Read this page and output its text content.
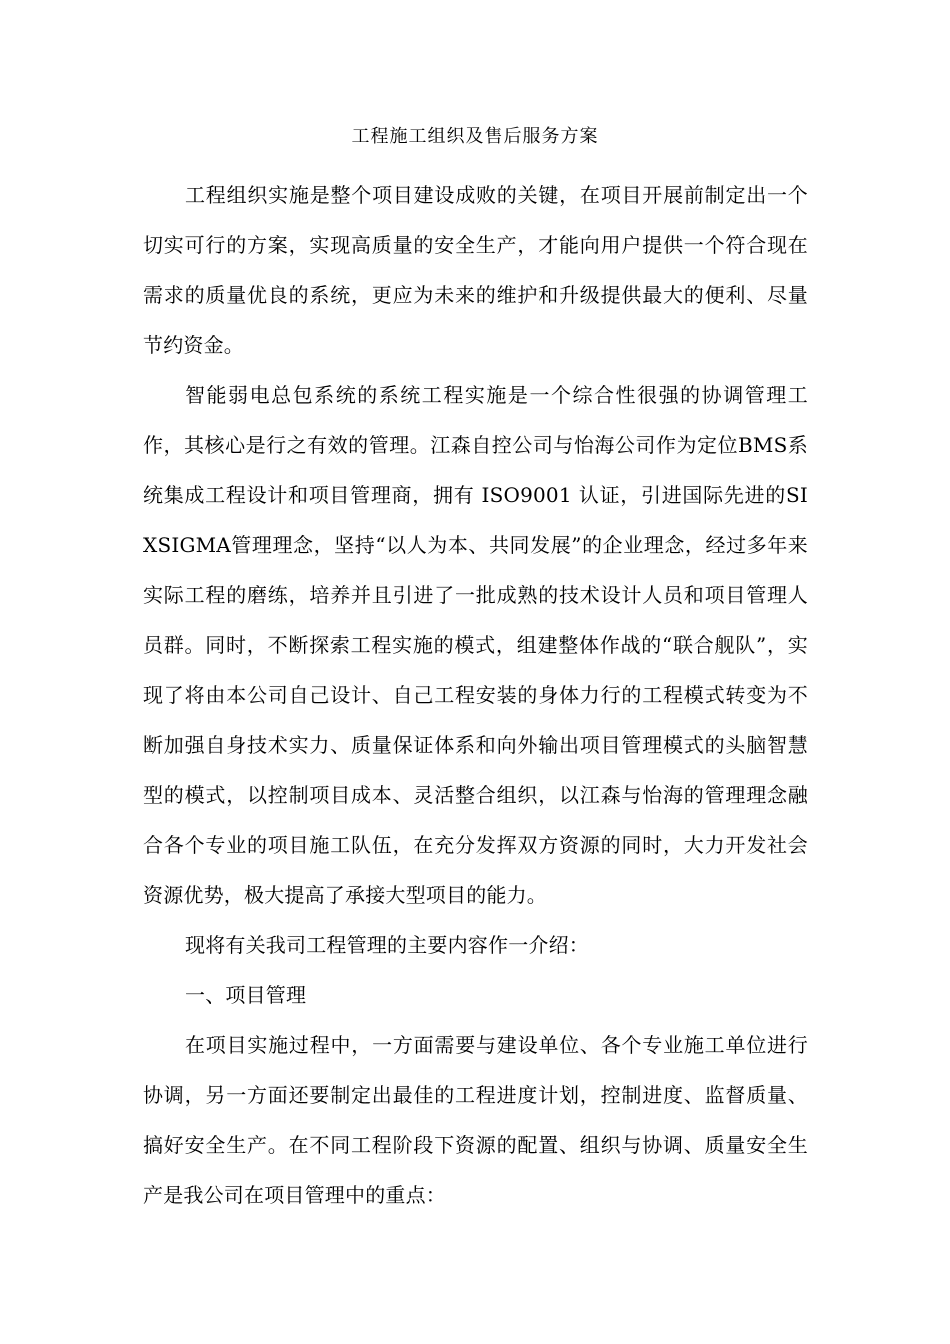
工程施工组织及售后服务方案

工程组织实施是整个项目建设成败的关键，在项目开展前制定出一个切实可行的方案，实现高质量的安全生产，才能向用户提供一个符合现在需求的质量优良的系统，更应为未来的维护和升级提供最大的便利、尽量节约资金。

智能弱电总包系统的系统工程实施是一个综合性很强的协调管理工作，其核心是行之有效的管理。江森自控公司与怡海公司作为定位BMS系统集成工程设计和项目管理商，拥有 ISO9001 认证，引进国际先进的SIXSIGMA管理理念，坚持“以人为本、共同发展”的企业理念，经过多年来实际工程的磨练，培养并且引进了一批成熟的技术设计人员和项目管理人员群。同时，不断探索工程实施的模式，组建整体作战的“联合舰队”，实现了将由本公司自己设计、自己工程安装的身体力行的工程模式转变为不断加强自身技术实力、质量保证体系和向外输出项目管理模式的头脑智慧型的模式，以控制项目成本、灵活整合组织，以江森与怡海的管理理念融合各个专业的项目施工队伍，在充分发挥双方资源的同时，大力开发社会资源优势，极大提高了承接大型项目的能力。

现将有关我司工程管理的主要内容作一介绍：

一、项目管理

在项目实施过程中，一方面需要与建设单位、各个专业施工单位进行协调，另一方面还要制定出最佳的工程进度计划，控制进度、监督质量、搞好安全生产。在不同工程阶段下资源的配置、组织与协调、质量安全生产是我公司在项目管理中的重点：
